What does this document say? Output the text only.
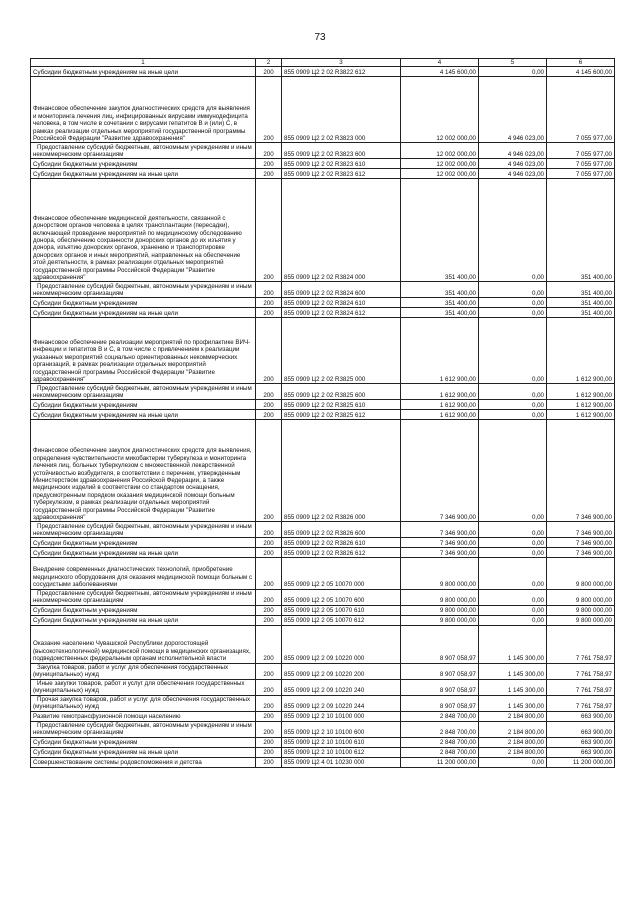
73
1	2	3	4	5	6
Субсидии бюджетным учреждениям на иные цели	200	855 0909 Ц2 2 02 R3822 612	4 145 600,00	0,00	4 145 600,00
Финансовое обеспечение закупок диагностических средств для выявления и мониторинга лечения лиц, инфицированных вирусами иммунодефицита человека, в том числе в сочетании с вирусами гепатитов B и (или) C, в рамках реализации отдельных мероприятий государственной программы Российской Федерации "Развитие здравоохранения"	200	855 0909 Ц2 2 02 R3823 000	12 002 000,00	4 946 023,00	7 055 977,00
Предоставление субсидий бюджетным, автономным учреждениям и иным некоммерческим организациям	200	855 0909 Ц2 2 02 R3823 600	12 002 000,00	4 946 023,00	7 055 977,00
Субсидии бюджетным учреждениям	200	855 0909 Ц2 2 02 R3823 610	12 002 000,00	4 946 023,00	7 055 977,00
Субсидии бюджетным учреждениям на иные цели	200	855 0909 Ц2 2 02 R3823 612	12 002 000,00	4 946 023,00	7 055 977,00
Финансовое обеспечение медицинской деятельности, связанной с донорством органов человека в целях трансплантации (пересадки), включающей проведение мероприятий по медицинскому обследованию донора, обеспечению сохранности донорских органов до их изъятия у донора, изъятию донорских органов, хранению и транспортировке донорских органов и иных мероприятий, направленных на обеспечение этой деятельности, в рамках реализации отдельных мероприятий государственной программы Российской Федерации "Развитие здравоохранения"	200	855 0909 Ц2 2 02 R3824 000	351 400,00	0,00	351 400,00
Предоставление субсидий бюджетным, автономным учреждениям и иным некоммерческим организациям	200	855 0909 Ц2 2 02 R3824 600	351 400,00	0,00	351 400,00
Субсидии бюджетным учреждениям	200	855 0909 Ц2 2 02 R3824 610	351 400,00	0,00	351 400,00
Субсидии бюджетным учреждениям на иные цели	200	855 0909 Ц2 2 02 R3824 612	351 400,00	0,00	351 400,00
Финансовое обеспечение реализации мероприятий по профилактике ВИЧ-инфекции и гепатитов B и C, в том числе с привлечением к реализации указанных мероприятий социально ориентированных некоммерческих организаций, в рамках реализации отдельных мероприятий государственной программы Российской Федерации "Развитие здравоохранения"	200	855 0909 Ц2 2 02 R3825 000	1 612 900,00	0,00	1 612 900,00
Предоставление субсидий бюджетным, автономным учреждениям и иным некоммерческим организациям	200	855 0909 Ц2 2 02 R3825 600	1 612 900,00	0,00	1 612 900,00
Субсидии бюджетным учреждениям	200	855 0909 Ц2 2 02 R3825 610	1 612 900,00	0,00	1 612 900,00
Субсидии бюджетным учреждениям на иные цели	200	855 0909 Ц2 2 02 R3825 612	1 612 900,00	0,00	1 612 900,00
Финансовое обеспечение закупок диагностических средств для выявления, определения чувствительности микобактерии туберкулеза и мониторинга лечения лиц, больных туберкулезом с множественной лекарственной устойчивостью возбудителя, в соответствии с перечнем, утвержденным Министерством здравоохранения Российской Федерации, а также медицинских изделий в соответствии со стандартом оснащения, предусмотренным порядком оказания медицинской помощи больным туберкулезом, в рамках реализации отдельных мероприятий государственной программы Российской Федерации "Развитие здравоохранения"	200	855 0909 Ц2 2 02 R3826 000	7 346 900,00	0,00	7 346 900,00
Предоставление субсидий бюджетным, автономным учреждениям и иным некоммерческим организациям	200	855 0909 Ц2 2 02 R3826 600	7 346 900,00	0,00	7 346 900,00
Субсидии бюджетным учреждениям	200	855 0909 Ц2 2 02 R3826 610	7 346 900,00	0,00	7 346 900,00
Субсидии бюджетным учреждениям на иные цели	200	855 0909 Ц2 2 02 R3826 612	7 346 900,00	0,00	7 346 900,00
Внедрение современных диагностических технологий, приобретение медицинского оборудования для оказания медицинской помощи больным с сосудистыми заболеваниями	200	855 0909 Ц2 2 05 10070 000	9 800 000,00	0,00	9 800 000,00
Предоставление субсидий бюджетным, автономным учреждениям и иным некоммерческим организациям	200	855 0909 Ц2 2 05 10070 600	9 800 000,00	0,00	9 800 000,00
Субсидии бюджетным учреждениям	200	855 0909 Ц2 2 05 10070 610	9 800 000,00	0,00	9 800 000,00
Субсидии бюджетным учреждениям на иные цели	200	855 0909 Ц2 2 05 10070 612	9 800 000,00	0,00	9 800 000,00
Оказание населению Чувашской Республики дорогостоящей (высокотехнологичной) медицинской помощи в медицинских организациях, подведомственных федеральным органам исполнительной власти	200	855 0909 Ц2 2 09 10220 000	8 907 058,97	1 145 300,00	7 761 758,97
Закупка товаров, работ и услуг для обеспечения государственных (муниципальных) нужд	200	855 0909 Ц2 2 09 10220 200	8 907 058,97	1 145 300,00	7 761 758,97
Иные закупки товаров, работ и услуг для обеспечения государственных (муниципальных) нужд	200	855 0909 Ц2 2 09 10220 240	8 907 058,97	1 145 300,00	7 761 758,97
Прочая закупка товаров, работ и услуг для обеспечения государственных (муниципальных) нужд	200	855 0909 Ц2 2 09 10220 244	8 907 058,97	1 145 300,00	7 761 758,97
Развитие гемотрансфузионной помощи населению	200	855 0909 Ц2 2 10 10100 000	2 848 700,00	2 184 800,00	663 900,00
Предоставление субсидий бюджетным, автономным учреждениям и иным некоммерческим организациям	200	855 0909 Ц2 2 10 10100 600	2 848 700,00	2 184 800,00	663 900,00
Субсидии бюджетным учреждениям	200	855 0909 Ц2 2 10 10100 610	2 848 700,00	2 184 800,00	663 900,00
Субсидии бюджетным учреждениям на иные цели	200	855 0909 Ц2 2 10 10100 612	2 848 700,00	2 184 800,00	663 900,00
Совершенствование системы родовспоможения и детства	200	855 0909 Ц2 4 01 10230 000	11 200 000,00	0,00	11 200 000,00
